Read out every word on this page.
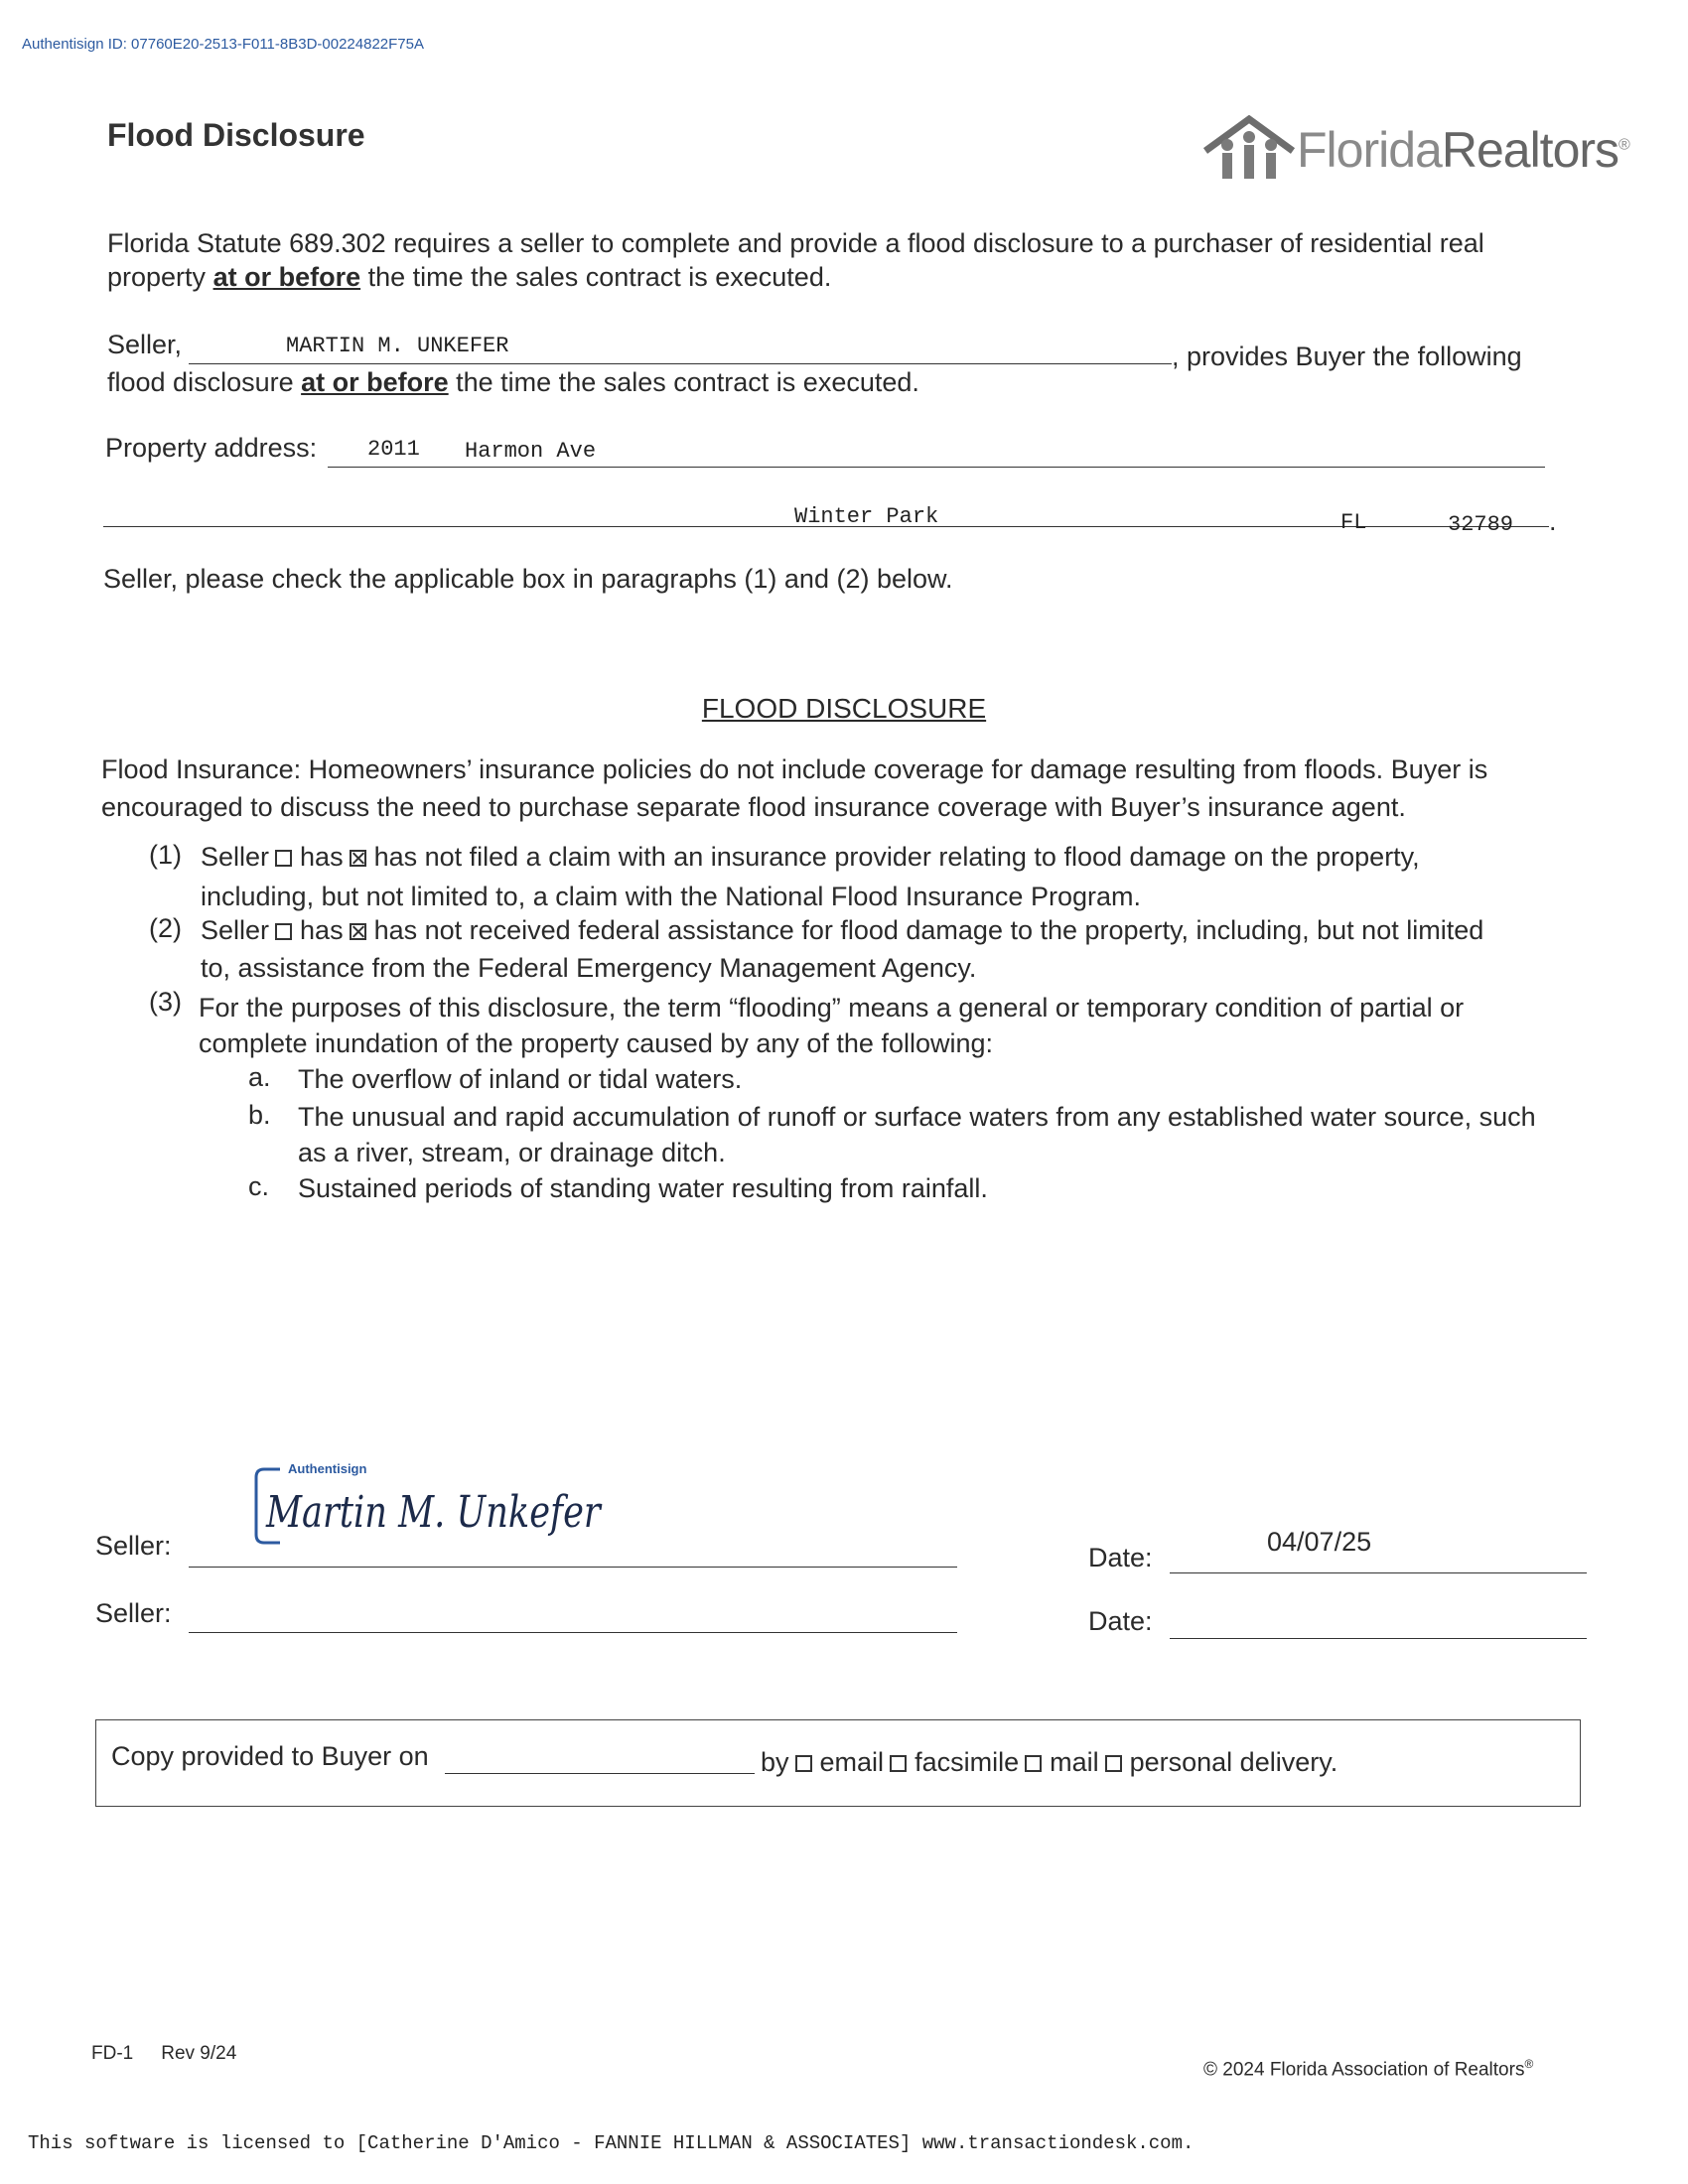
Authentisign ID: 07760E20-2513-F011-8B3D-00224822F75A
Flood Disclosure	FloridaRealtors®
Florida Statute 689.302 requires a seller to complete and provide a flood disclosure to a purchaser of residential real
property at or before the time the sales contract is executed.
Seller,	MARTIN M. UNKEFER	, provides Buyer the following
flood disclosure at or before the time the sales contract is executed.
Property address: 2011 Harmon Ave
Winter Park	FL	32789 .
Seller, please check the applicable box in paragraphs (1) and (2) below.
FLOOD DISCLOSURE
Flood Insurance: Homeowners’ insurance policies do not include coverage for damage resulting from floods. Buyer is
encouraged to discuss the need to purchase separate flood insurance coverage with Buyer’s insurance agent.
(1) Seller has has not filed a claim with an insurance provider relating to flood damage on the property,
including, but not limited to, a claim with the National Flood Insurance Program.
(2) Seller has has not received federal assistance for flood damage to the property, including, but not limited
to, assistance from the Federal Emergency Management Agency.
(3) For the purposes of this disclosure, the term “flooding” means a general or temporary condition of partial or
complete inundation of the property caused by any of the following:
a. The overflow of inland or tidal waters.
b. The unusual and rapid accumulation of runoff or surface waters from any established water source, such
as a river, stream, or drainage ditch.
c. Sustained periods of standing water resulting from rainfall.
Authentisign
Martin M. Unkefer
Seller:	Date:
04/07/25
Seller:	Date:
Copy provided to Buyer on	by email facsimile mail personal delivery.
FD-1 Rev 9/24
© 2024 Florida Association of Realtors®
This software is licensed to [Catherine D'Amico - FANNIE HILLMAN & ASSOCIATES] www.transactiondesk.com.
